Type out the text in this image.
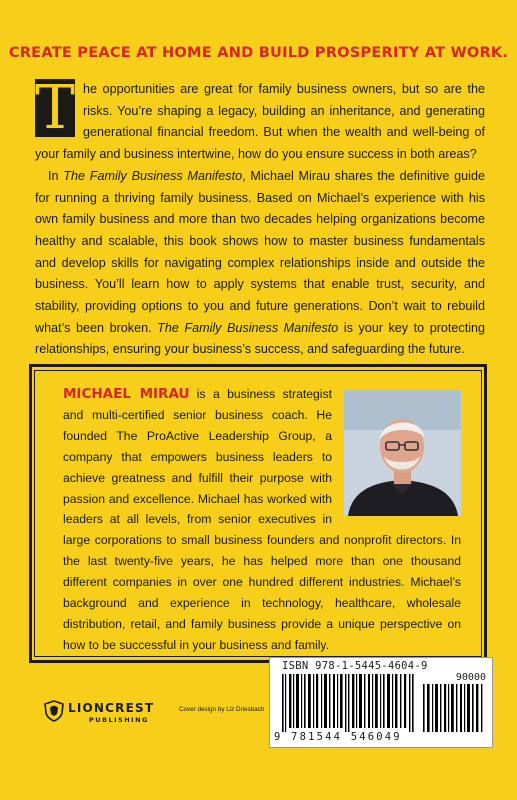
CREATE PEACE AT HOME AND BUILD PROSPERITY AT WORK.

T he opportunities are great for family business owners, but so are the risks. You’re shaping a legacy, building an inheritance, and generating generational financial freedom. But when the wealth and well-being of your family and business intertwine, how do you ensure success in both areas?

In The Family Business Manifesto, Michael Mirau shares the definitive guide for running a thriving family business. Based on Michael’s experience with his own family business and more than two decades helping organizations become healthy and scalable, this book shows how to master business fundamentals and develop skills for navigating complex relationships inside and outside the business. You’ll learn how to apply systems that enable trust, security, and stability, providing options to you and future generations. Don’t wait to rebuild what’s been broken. The Family Business Manifesto is your key to protecting relationships, ensuring your business’s success, and safeguarding the future.

MICHAEL MIRAU is a business strategist and multi-certified senior business coach. He founded The ProActive Leadership Group, a company that empowers business leaders to achieve greatness and fulfill their purpose with passion and excellence. Michael has worked with leaders at all levels, from senior executives in large corporations to small business founders and nonprofit directors. In the last twenty-five years, he has helped more than one thousand different companies in over one hundred different industries. Michael’s background and experience in technology, healthcare, wholesale distribution, retail, and family business provide a unique perspective on how to be successful in your business and family.

ISBN 978-1-5445-4604-9
90000
9 781544 546049
LIONCREST
PUBLISHING
Cover design by Liz Driesbach
